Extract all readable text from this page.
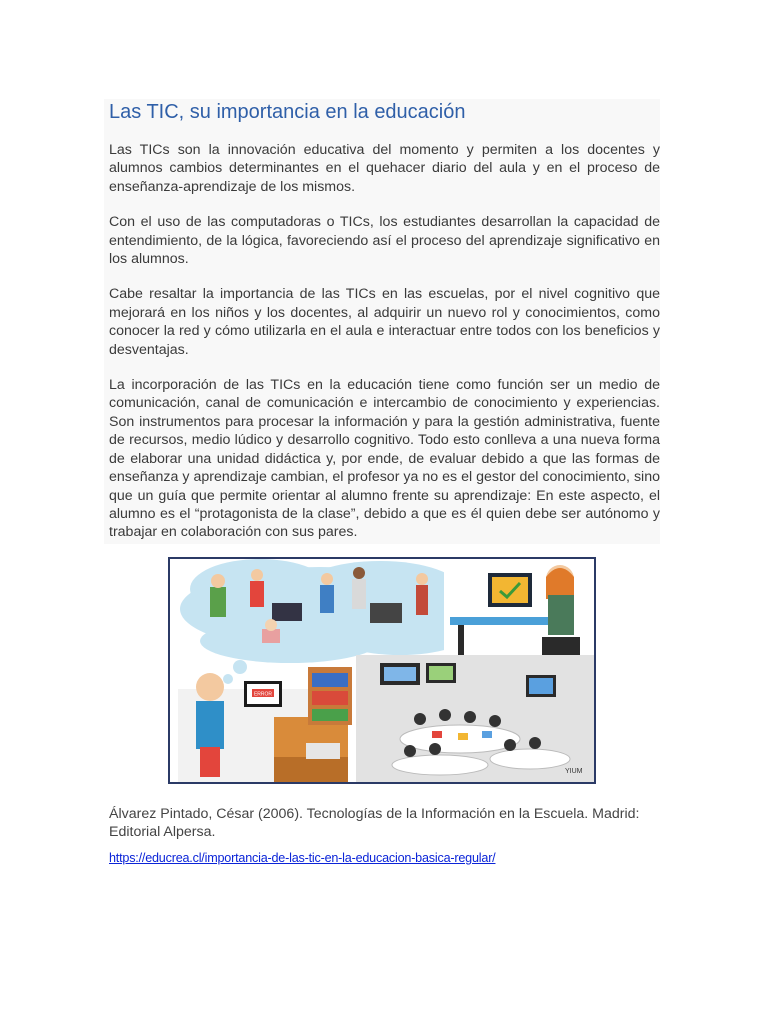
Las TIC, su importancia en la educación

Las TICs son la innovación educativa del momento y permiten a los docentes y alumnos cambios determinantes en el quehacer diario del aula y en el proceso de enseñanza-aprendizaje de los mismos.

Con el uso de las computadoras o TICs, los estudiantes desarrollan la capacidad de entendimiento, de la lógica, favoreciendo así el proceso del aprendizaje significativo en los alumnos.

Cabe resaltar la importancia de las TICs en las escuelas, por el nivel cognitivo que mejorará en los niños y los docentes, al adquirir un nuevo rol y conocimientos, como conocer la red y cómo utilizarla en el aula e interactuar entre todos con los beneficios y desventajas.

La incorporación de las TICs en la educación tiene como función ser un medio de comunicación, canal de comunicación e intercambio de conocimiento y experiencias. Son instrumentos para procesar la información y para la gestión administrativa, fuente de recursos, medio lúdico y desarrollo cognitivo. Todo esto conlleva a una nueva forma de elaborar una unidad didáctica y, por ende, de evaluar debido a que las formas de enseñanza y aprendizaje cambian, el profesor ya no es el gestor del conocimiento, sino que un guía que permite orientar al alumno frente su aprendizaje: En este aspecto, el alumno es el “protagonista de la clase”, debido a que es él quien debe ser autónomo y trabajar en colaboración con sus pares.

ERROR
YIUM

Álvarez Pintado, César (2006). Tecnologías de la Información en la Escuela. Madrid: Editorial Alpersa.

https://educrea.cl/importancia-de-las-tic-en-la-educacion-basica-regular/
